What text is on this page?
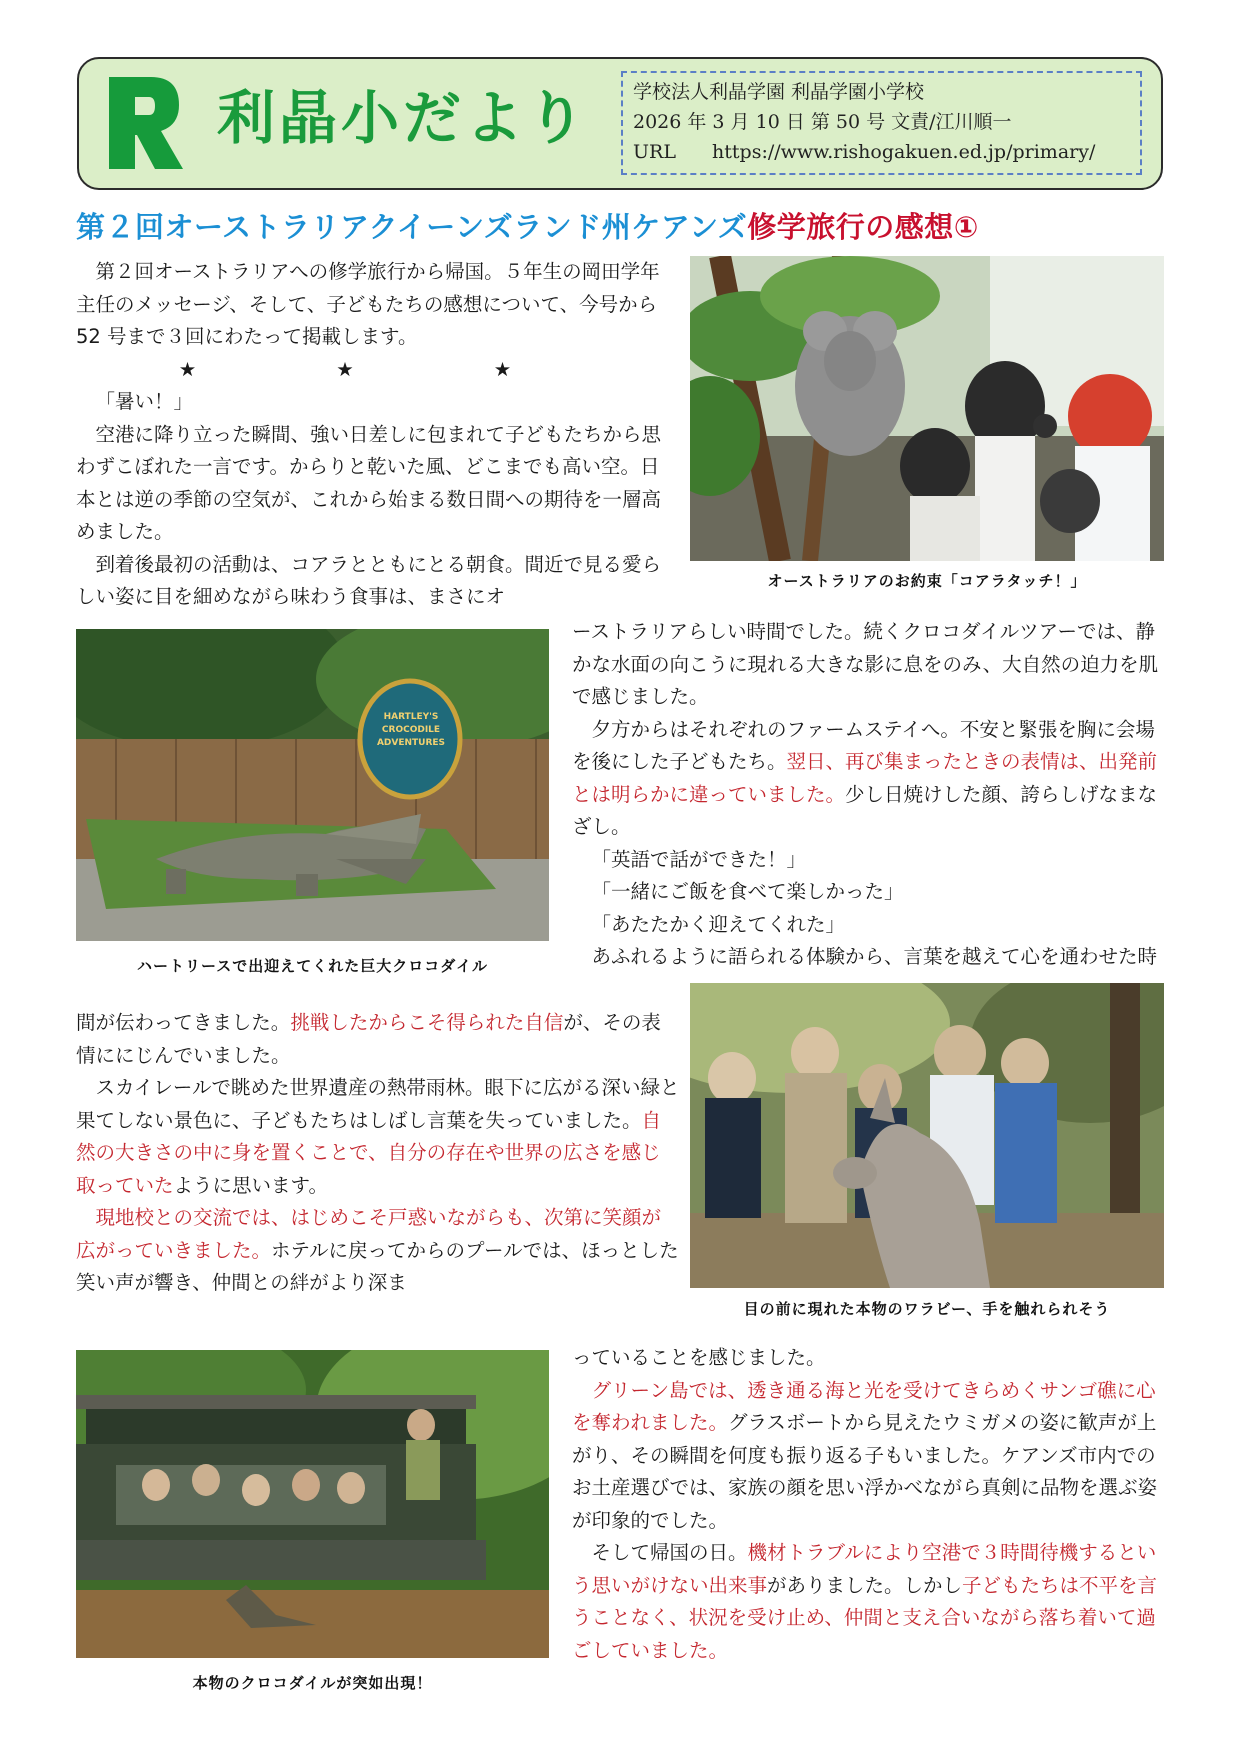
利晶小だより 学校法人利晶学園 利晶学園小学校
2026 年 3 月 10 日 第 50 号 文責/江川順一
URL https://www.rishogakuen.ed.jp/primary/
第２回オーストラリアクイーンズランド州ケアンズ修学旅行の感想①

第２回オーストラリアへの修学旅行から帰国。５年生の岡田学年主任のメッセージ、そして、子どもたちの感想について、今号から 52 号まで３回にわたって掲載します。

★★★

「暑い！」

空港に降り立った瞬間、強い日差しに包まれて子どもたちから思わずこぼれた一言です。からりと乾いた風、どこまでも高い空。日本とは逆の季節の空気が、これから始まる数日間への期待を一層高めました。

到着後最初の活動は、コアラとともにとる朝食。間近で見る愛らしい姿に目を細めながら味わう食事は、まさにオ

オーストラリアのお約束「コアラタッチ！」
HARTLEY'S CROCODILE ADVENTURES
ハートリースで出迎えてくれた巨大クロコダイル

ーストラリアらしい時間でした。続くクロコダイルツアーでは、静かな水面の向こうに現れる大きな影に息をのみ、大自然の迫力を肌で感じました。

夕方からはそれぞれのファームステイへ。不安と緊張を胸に会場を後にした子どもたち。翌日、再び集まったときの表情は、出発前とは明らかに違っていました。少し日焼けした顔、誇らしげなまなざし。

「英語で話ができた！」

「一緒にご飯を食べて楽しかった」

「あたたかく迎えてくれた」

あふれるように語られる体験から、言葉を越えて心を通わせた時

目の前に現れた本物のワラビー、手を触れられそう

間が伝わってきました。挑戦したからこそ得られた自信が、その表情ににじんでいました。

スカイレールで眺めた世界遺産の熱帯雨林。眼下に広がる深い緑と果てしない景色に、子どもたちはしばし言葉を失っていました。自然の大きさの中に身を置くことで、自分の存在や世界の広さを感じ取っていたように思います。

現地校との交流では、はじめこそ戸惑いながらも、次第に笑顔が広がっていきました。ホテルに戻ってからのプールでは、ほっとした笑い声が響き、仲間との絆がより深ま

本物のクロコダイルが突如出現！

っていることを感じました。

グリーン島では、透き通る海と光を受けてきらめくサンゴ礁に心を奪われました。グラスボートから見えたウミガメの姿に歓声が上がり、その瞬間を何度も振り返る子もいました。ケアンズ市内でのお土産選びでは、家族の顔を思い浮かべながら真剣に品物を選ぶ姿が印象的でした。

そして帰国の日。機材トラブルにより空港で３時間待機するという思いがけない出来事がありました。しかし子どもたちは不平を言うことなく、状況を受け止め、仲間と支え合いながら落ち着いて過ごしていました。
